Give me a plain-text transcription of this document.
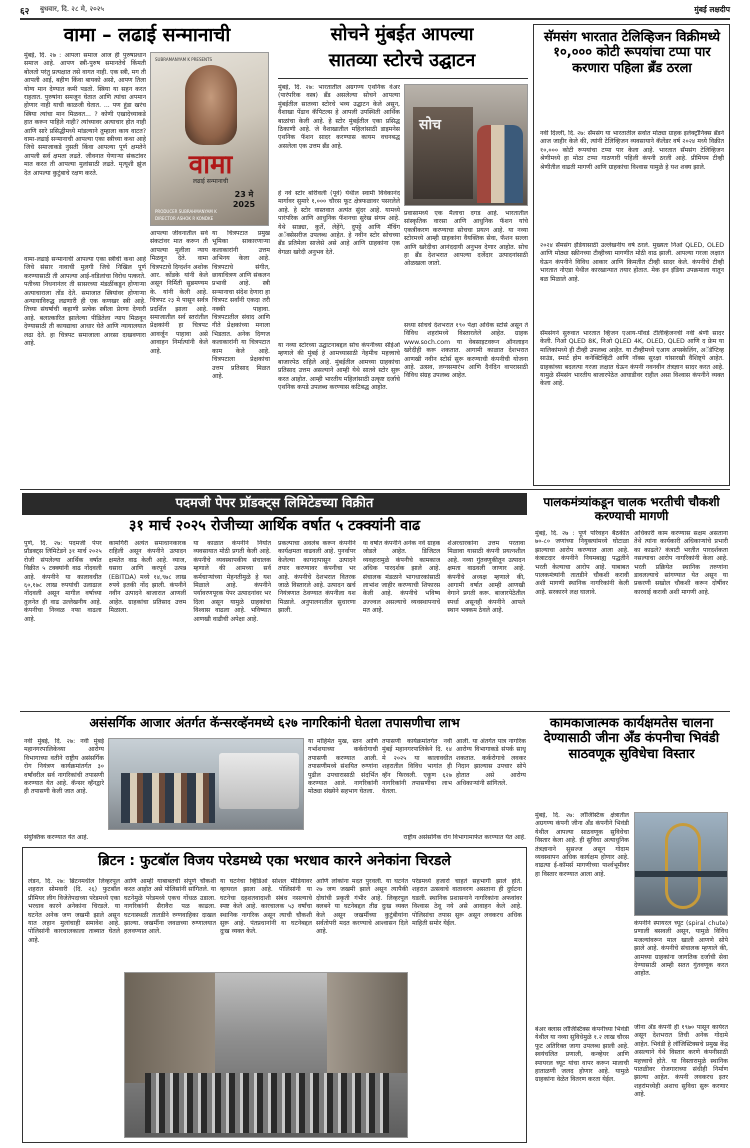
६२ बुधवार, दि. २८ मे, २०२५	मुंबई लक्षदीप
वामा – लढाई सन्मानाची
मुंबई, दि. २७ : आपला समाज आज ही पुरुषप्रधान समाज आहे. आपण स्त्री-पुरुष समानतेचे किंमती बोलतो परंतु प्रत्यक्षात तसे वागत नाही. एक स्त्री, मग ती आपली आई, बहीण किंवा बायको असो, आपण तिला योग्य मान देण्यात कमी पडतो. स्त्रिया या सहन करत राहतात. पुरुषांना समजून घेतात आणि त्यांचा अपमान होणार नाही याची काळजी घेतात. ... पण हुंडा खरंच स्त्रिया त्यांचा मान मिळवत... ? कोणी एखादेच्याकडे हात करून पाहिले नाही? त्यांच्यावर अत्याचार होत नाही आणि सारे प्रसिद्धीमध्ये मांडल्याने तुम्हाला काय वाटत? वामा-लढाई सन्मानाची आपल्या एका स्त्रीच्या कथा आहे जिचे समाजाकडे नुसती किंवा आपल्या पूर्ण क्षमतेने आपली सर्व क्षमता लढते. जीवनात येणाऱ्या संकटांवर मात करत ती आपल्या मुलांसाठी लढते. मृत्यूशी झुंज देत आपल्या कुटुंबाचे रक्षण करते.
वामा-लढाई सन्मानाची आपल्या एका स्त्रीची कथा आहे जिचे संसार नावाची मुलगी जिचे निखिल पूर्ण करण्यासाठी ती आपल्या आई-वडिलांचा विरोध पत्करते. पतीच्या निधनानंतर ती सासरच्या मंडळींकडून होणाऱ्या अत्याचाराला तोंड देते. समाजात स्त्रियांवर होणाऱ्या अन्यायाविरुद्ध लढणारी ही एक कणखर स्त्री आहे. तिच्या संघर्षाची कहाणी प्रत्येक स्त्रीला प्रेरणा देणारी आहे. बलात्कारित झालेल्या पीडितेला न्याय मिळवून देण्यासाठी ती कायद्याचा आधार घेते आणि न्यायालयात लढा देते. हा चित्रपट समाजाला आरसा दाखवणारा आहे.
SUBRAMANYAM K PRESENTS
वामा
लढाई सन्मानाची
23 मे 2025
PRODUCER SUBRAHMANYAM K
DIRECTOR ASHOK R KONDKE
आपल्या जीवनातील सर्व संकटांवर मात करून ती आपल्या मुलीला न्याय मिळवून देते. वामा चित्रपटाचे दिग्दर्शन अशोक आर. कोंडके यांनी केले असून निर्मिती सुब्रमण्यम के. यांनी केली आहे. चित्रपट २३ मे पासून सर्वत्र प्रदर्शित झाला आहे. समाजातील सर्व स्तरांतील प्रेक्षकांनी हा चित्रपट आवर्जून पाहावा असे आवाहन निर्मात्यांनी केले आहे.
या चित्रपटात प्रमुख भूमिका साकारणाऱ्या कलाकारांनी उत्तम अभिनय केला आहे. चित्रपटाचे संगीत, छायाचित्रण आणि संकलन प्रभावी आहे. स्त्री सन्मानाचा संदेश देणारा हा चित्रपट सर्वांनी एकदा तरी नक्की पाहावा. चित्रपटातील संवाद आणि गीते प्रेक्षकांच्या मनाला भिडतात. अनेक दिग्गज कलाकारांनी या चित्रपटात काम केले आहे. चित्रपटाला प्रेक्षकांचा उत्तम प्रतिसाद मिळत आहे.
सोचने मुंबईत आपल्या
सातव्या स्टोरचे उद्घाटन
मुंबई, दि. २७: भारतातील अग्रगण्य एथनिक वेअर (पारंपरिक वस्त्र) ब्रँड असलेल्या सोचने आपल्या मुंबईतील सातव्या स्टोरचे भव्य उद्घाटन केले असून, वैशाखा पेंढाव कॅपिटल्स हे आपली उपस्थिती आर्थिक बाळांचा केली आहे. हे स्टोर मुंबईतील एका प्रसिद्ध ठिकाणी आहे. जे वैशाखातील महिलांसाठी डाइमनेस एथनिक फॅशन सादर करण्यास कायम वचनबद्ध असलेला एक उत्तम ब्रँड आहे.
हे नवे स्टोर बोरीवली (पूर्व) येथील स्वामी विवेकानंद मार्गावर सुमारे १,००० चौरस फूट क्षेत्रफळावर पसरलेले आहे. हे स्टोर वास्तवात अत्यंत सुंदर आहे. यामध्ये पारंपरिक आणि आधुनिक फॅशनचा सुरेख संगम आहे. येथे साड्या, कुर्ते, लेहेंगे, दुपट्टे आणि मॅचिंग अॅक्सेसरीज उपलब्ध आहेत. हे नवीन स्टोर सोचच्या ब्रँड प्रतिमेला साजेसे असे आहे आणि ग्राहकांना एक वेगळा खरेदी अनुभव देते.
या नव्या स्टोरच्या उद्घाटनाबद्दल सोच कंपनीच्या सीईओ म्हणाले की मुंबई हे आमच्यासाठी नेहमीच महत्त्वाचे बाजारपेठ राहिले आहे. मुंबईतील आमच्या ग्राहकांचा प्रतिसाद उत्तम असल्याने आम्ही येथे सातवे स्टोर सुरू करत आहोत. आम्ही भारतीय महिलांसाठी उत्कृष्ट दर्जाचे एथनिक कपडे उपलब्ध करण्यास कटिबद्ध आहोत.
सोच
प्रवासामध्ये एक मैलाचा दगड आहे. भारतातील सांस्कृतिक वारसा आणि आधुनिक फॅशन यांचे एकत्रीकरण करण्याचा सोचचा प्रयत्न आहे. या नव्या स्टोरमध्ये आम्ही ग्राहकांना वैयक्तिक सेवा, फॅशन सल्ला आणि खरेदीचा आनंददायी अनुभव देणार आहोत. सोच हा ब्रँड देशभरात आपल्या दर्जेदार उत्पादनांसाठी ओळखला जातो.
सध्या सोचचे देशभरात १९० पेक्षा अधिक स्टोर्स असून ते विविध शहरांमध्ये विस्तारलेले आहेत. ग्राहक www.soch.com या वेबसाइटवरून ऑनलाइन खरेदीही करू शकतात. आगामी काळात देशभरात आणखी नवीन स्टोर्स सुरू करण्याची कंपनीची योजना आहे. उत्सव, लग्नसमारंभ आणि दैनंदिन वापरासाठी विविध संग्रह उपलब्ध आहेत.
सॅमसंग भारतात टेलिव्हिजन विक्रीमध्ये १०,००० कोटी रूपयांचा टप्पा पार करणारा पहिला ब्रँड ठरला
नवी दिल्ली, दि. २७: सॅमसंग या भारतातील सर्वात मोठ्या ग्राहक इलेक्ट्रॉनिक्स ब्रँडने आज जाहीर केले की, त्यांनी टेलिव्हिजन व्यवसायाने कॅलेंडर वर्ष २०२४ मध्ये विक्रीत १०,००० कोटी रूपयांचा टप्पा पार केला आहे. भारतात सॅमसंग टेलिव्हिजन श्रेणीमध्ये हा मोठा टप्पा गाठणारी पहिली कंपनी ठरली आहे. प्रीमियम टीव्ही श्रेणीतील वाढती मागणी आणि ग्राहकांचा विश्वास यामुळे हे यश शक्य झाले.
२०२४ सॅमसंग इंडियासाठी उल्लेखनीय वर्ष ठरले. मुख्यतः निओ QLED, OLED आणि मोठ्या स्क्रीनच्या टीव्हीच्या मागणीत मोठी वाढ झाली. आपल्या गरजा लक्षात घेऊन कंपनीने विविध आकार आणि किमतीत टीव्ही सादर केले. कंपनीचे टीव्ही भारतात नोएडा येथील कारखान्यात तयार होतात. मेक इन इंडिया उपक्रमाला यातून बळ मिळाले आहे.
सॅमसंगने सुरुवात भारतात व्हिजन एआय-पॉवर्ड टेलिव्हिजनची नवी श्रेणी सादर केली. निओ QLED 8K, निओ QLED 4K, OLED, QLED आणि द फ्रेम या मालिकांमध्ये ही टीव्ही उपलब्ध आहेत. या टीव्हीमध्ये एआय अपस्केलिंग, अॅडॅप्टिव्ह साउंड, स्मार्ट होम कनेक्टिव्हिटी आणि नॉक्स सुरक्षा यांसारखी वैशिष्ट्ये आहेत. ग्राहकांच्या बदलत्या गरजा लक्षात घेऊन कंपनी नवनवीन तंत्रज्ञान सादर करत आहे. यामुळे सॅमसंग भारतीय बाजारपेठेत आघाडीवर राहील असा विश्वास कंपनीने व्यक्त केला आहे.
पदमजी पेपर प्रॉडक्ट्स लिमिटेडच्या विक्रीत
३१ मार्च २०२५ रोजीच्या आर्थिक वर्षात ५ टक्क्यांनी वाढ
पुणे, दि. २७: पदमजी पेपर प्रॉडक्ट्स लिमिटेडने ३१ मार्च २०२५ रोजी संपलेल्या आर्थिक वर्षात विक्रीत ५ टक्क्यांनी वाढ नोंदवली आहे. कंपनीने या कालावधीत ६०,१७८ लाख रुपयांची उलाढाल नोंदवली असून मागील वर्षाच्या तुलनेत ही वाढ उल्लेखनीय आहे. कंपनीचा निव्वळ नफा वाढला आहे.
कामगिरी अत्यंत समाधानकारक राहिली असून कंपनीने उत्पादन क्षमतेत वाढ केली आहे. व्याज, घसारा आणि करपूर्व उत्पन्न (EBITDA) मध्ये १४,९७८ लाख रुपये इतकी नोंद झाली. कंपनीने नवीन उत्पादने बाजारात आणली आहेत. ग्राहकांचा प्रतिसाद उत्तम मिळाला.
या काळात कंपनीने निर्यात व्यवसायात मोठी प्रगती केली आहे. कंपनीचे व्यवस्थापकीय संचालक म्हणाले की आमच्या सर्व कर्मचाऱ्यांच्या मेहनतीमुळे हे यश मिळाले आहे. कंपनीने पर्यावरणपूरक पेपर उत्पादनांवर भर दिला असून यामुळे ग्राहकांचा विश्वास वाढला आहे. भविष्यात आणखी वाढीची अपेक्षा आहे.
प्रकल्पाचा अवलंब करून कंपनीने कार्यक्षमता वाढवली आहे. पुनर्वापर केलेल्या कागदापासून उत्पादने तयार करण्यावर कंपनीचा भर आहे. कंपनीचे देशभरात वितरक जाळे विस्तारले आहे. उत्पादन खर्च नियंत्रणात ठेवण्यात कंपनीला यश मिळाले. अनुपालनातील सुधारणा झाली.
या वर्षात कंपनीने अनेक नवे ग्राहक जोडले आहेत. डिजिटल व्यवहारामुळे कंपनीचे कामकाज अधिक पारदर्शक झाले आहे. संचालक मंडळाने भागधारकांसाठी लाभांश जाहीर करण्याची शिफारस केली आहे. कंपनीचे भविष्य उज्ज्वल असल्याचे व्यवस्थापनाचे मत आहे.
शेअरधारकांना उत्तम परतावा मिळावा यासाठी कंपनी प्रयत्नशील आहे. नव्या गुंतवणुकीतून उत्पादन क्षमता वाढवली जाणार आहे. कंपनीचे अध्यक्ष म्हणाले की, आगामी वर्षात आम्ही आणखी वेगाने प्रगती करू. बाजारपेठेतील स्पर्धा असूनही कंपनीने आपले स्थान भक्कम ठेवले आहे.
पालकमंत्र्यांकडून चालक भरतीची चौकशी करण्याची मागणी
मुंबई, दि. २७ : पूर्ण परिवहन बैठकीत ७०-८० जणांच्या नियुक्त्यांमध्ये घोटाळा झाल्याचा आरोप करण्यात आला आहे. कंत्राटदार कंपनीने नियमबाह्य पद्धतीने भरती केल्याचा आरोप आहे. याबाबत पालकमंत्र्यांनी तातडीने चौकशी करावी अशी मागणी स्थानिक नागरिकांनी केली आहे. सरकारने लक्ष घालावे.
अधिकारी काम करण्यास सक्षम असताना तेथे त्यांना कार्यकारी अधिकाऱ्यांचे प्रभारी का काढले? कंत्राटी भरतीत पारदर्शकता नसल्याचा आरोप नागरिकांनी केला आहे. भरती प्रक्रियेत स्थानिक तरुणांना डावलल्याचे सांगण्यात येत असून या प्रकरणी सखोल चौकशी करून दोषींवर कारवाई करावी अशी मागणी आहे.
असंसर्गिक आजार अंतर्गत कॅन्सरव्हॅनमध्ये ६२७ नागरिकांनी घेतला तपासणीचा लाभ
नवी मुंबई, दि. २७: नवी मुंबई महानगरपालिकेच्या आरोग्य विभागाच्या वतीने राष्ट्रीय असंसर्गिक रोग नियंत्रण कार्यक्रमांतर्गत ३० वर्षांवरील सर्व नागरिकांची तपासणी करण्यात येत आहे. कॅन्सर व्हॅनद्वारे ही तपासणी केली जात आहे.
या मोहिमेत मुख, स्तन आणि गर्भाशयाच्या कर्करोगाची तपासणी करण्यात आली. तपासणीमध्ये संशयित रुग्णांना पुढील उपचारासाठी संदर्भित करण्यात आले. नागरिकांनी मोठ्या संख्येने सहभाग घेतला.
तपासणी कार्यक्रमांतर्गत नवी मुंबई महानगरपालिकेने दि. १४ मे २०२५ या कालावधीत शहरातील विविध भागांत ही व्हॅन फिरवली. एकूण ६२७ नागरिकांनी तपासणीचा लाभ घेतला.
आली. या अंतर्गत पात्र नागरिक आरोग्य विभागाकडे संपर्क साधू शकतात. कर्करोगाचे लवकर निदान झाल्यास उपचार सोपे होतात असे आरोग्य अधिकाऱ्यांनी सांगितले.
संयुक्तिक करण्यात येत आहे.	राष्ट्रीय असंसर्गिक रोग विभागामार्फत करण्यात येत आहे.
ब्रिटन : फुटबॉल विजय परेडमध्ये एका भरधाव कारने अनेकांना चिरडले
लंडन, दि. २७: ब्रिटनमधील लिव्हरपूल शहरात सोमवारी (दि. २६) फुटबॉल प्रीमियर लीग विजेतेपदाच्या परेडमध्ये एका भरधाव कारने अनेकांना चिरडले. या घटनेत अनेक जण जखमी झाले असून यात लहान मुलांचाही समावेश आहे. पोलिसांनी कारचालकाला ताब्यात घेतले आहे.
आणि आम्ही याबाबतची संपूर्ण चौकशी करत आहोत असे पोलिसांनी सांगितले. या घटनेमुळे परेडमध्ये एकच गोंधळ उडाला. नागरिकांनी सैरावैरा पळ काढला. घटनास्थळी तातडीने रुग्णवाहिका दाखल झाल्या. जखमींना जवळच्या रुग्णालयात हलवण्यात आले.
या घटनेचा व्हिडिओ सोशल मीडियावर व्हायरल झाला आहे. पोलिसांनी या घटनेचा दहशतवादाशी संबंध नसल्याचे स्पष्ट केले आहे. कारचालक ५३ वर्षांचा स्थानिक नागरिक असून त्याची चौकशी सुरू आहे. पंतप्रधानांनी या घटनेबद्दल दुःख व्यक्त केले.
आणि लोकांना मदत पुरवली. या घटनेत २७ जण जखमी झाले असून त्यापैकी दोघांची प्रकृती गंभीर आहे. लिव्हरपूल क्लबने या घटनेबद्दल तीव्र दुःख व्यक्त केले असून जखमींच्या कुटुंबीयांना सर्वतोपरी मदत करण्याचे आश्वासन दिले आहे.
परेडमध्ये हजारो चाहते सहभागी झाले होते. शहरात उत्सवाचे वातावरण असताना ही दुर्घटना घडली. स्थानिक प्रशासनाने नागरिकांना अफवांवर विश्वास ठेवू नये असे आवाहन केले आहे. पोलिसांचा तपास सुरू असून लवकरच अधिक माहिती समोर येईल.
कामकाजात्मक कार्यक्षमतेस चालना देण्यासाठी जीना अँड कंपनीचा भिवंडी साठवणूक सुविधेचा विस्तार
मुंबई, दि. २७: लॉजिस्टिक क्षेत्रातील अग्रगण्य कंपनी जीना अँड कंपनीने भिवंडी येथील आपल्या साठवणूक सुविधेचा विस्तार केला आहे. ही सुविधा अत्याधुनिक तंत्रज्ञानाने सुसज्ज असून गोदाम व्यवस्थापन अधिक कार्यक्षम होणार आहे. वाढत्या ई-कॉमर्स मागणीच्या पार्श्वभूमीवर हा विस्तार करण्यात आला आहे.
बेअर क्लास लॉजिस्टिक्स कंपनीच्या भिवंडी येथील या नव्या सुविधेमुळे १.२ लाख चौरस फूट अतिरिक्त जागा उपलब्ध झाली आहे. स्वयंचलित प्रणाली, कन्व्हेयर आणि स्पायरल च्यूट यांचा वापर करून मालाची हाताळणी जलद होणार आहे. यामुळे ग्राहकांना वेळेत वितरण करता येईल.
कंपनीने स्पायरल च्यूट (spiral chute) प्रणाली बसवली असून, यामुळे विविध मजल्यांवरून माल खाली आणणे सोपे झाले आहे. कंपनीचे संचालक म्हणाले की, आमच्या ग्राहकांना जागतिक दर्जाची सेवा देण्यासाठी आम्ही सतत गुंतवणूक करत आहोत.
जीना अँड कंपनी ही १९७० पासून कार्यरत असून देशभरात तिची अनेक गोदामे आहेत. भिवंडी हे लॉजिस्टिक्सचे प्रमुख केंद्र असल्याने येथे विस्तार करणे कंपनीसाठी महत्त्वाचे होते. या विस्तारामुळे स्थानिक पातळीवर रोजगाराच्या संधीही निर्माण झाल्या आहेत. कंपनी लवकरच इतर शहरांमध्येही अशाच सुविधा सुरू करणार आहे.
